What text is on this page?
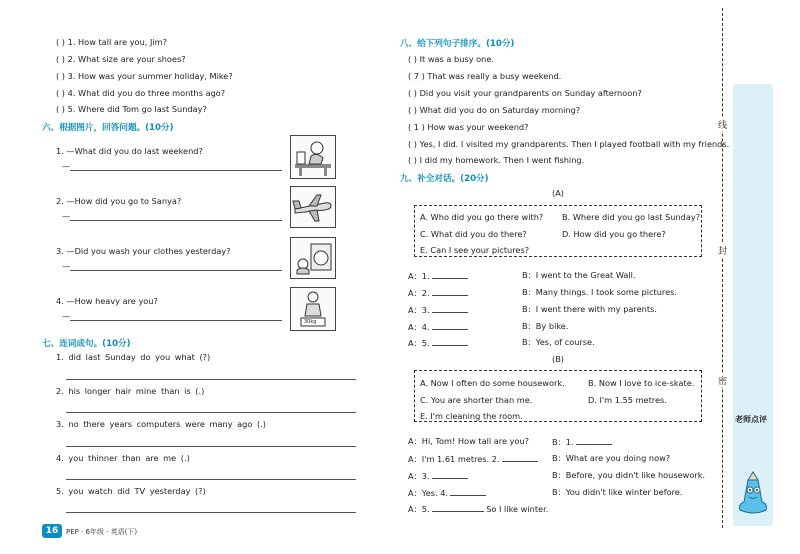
( ) 1. How tall are you, Jim?
( ) 2. What size are your shoes?
( ) 3. How was your summer holiday, Mike?
( ) 4. What did you do three months ago?
( ) 5. Where did Tom go last Sunday?
六、根据图片，回答问题。(10分)
1. —What did you do last weekend?
—
2. —How did you go to Sanya?
—
3. —Did you wash your clothes yesterday?
—
4. —How heavy are you?
—
30kg
七、连词成句。(10分)
1. did last Sunday do you what (?)
2. his longer hair mine than is (.)
3. no there years computers were many ago (.)
4. you thinner than are me (.)
5. you watch did TV yesterday (?)
16	PEP · 6年级 · 英语(下)
八、给下列句子排序。(10分)
( ) It was a busy one.
( 7 ) That was really a busy weekend.
( ) Did you visit your grandparents on Sunday afternoon?
( ) What did you do on Saturday morning?
( 1 ) How was your weekend?
( ) Yes, I did. I visited my grandparents. Then I played football with my friends.
( ) I did my homework. Then I went fishing.
九、补全对话。(20分)
(A)
A. Who did you go there with? B. Where did you go last Sunday?
C. What did you do there?	D. How did you go there?
E. Can I see your pictures?
A：1.	B：I went to the Great Wall.
A：2.	B：Many things. I took some pictures.
A：3.	B：I went there with my parents.
A：4.	B：By bike.
A：5.	B：Yes, of course.
(B)
A. Now I often do some housework.	B. Now I love to ice-skate.
C. You are shorter than me.	D. I'm 1.55 metres.
E. I'm cleaning the room.
A：Hi, Tom! How tall are you?	B：1.
A：I'm 1.61 metres. 2.	B：What are you doing now?
A：3.	B：Before, you didn't like housework.
A：Yes. 4.	B：You didn't like winter before.
A：5.	So I like winter.
线
封
密
老师点评
